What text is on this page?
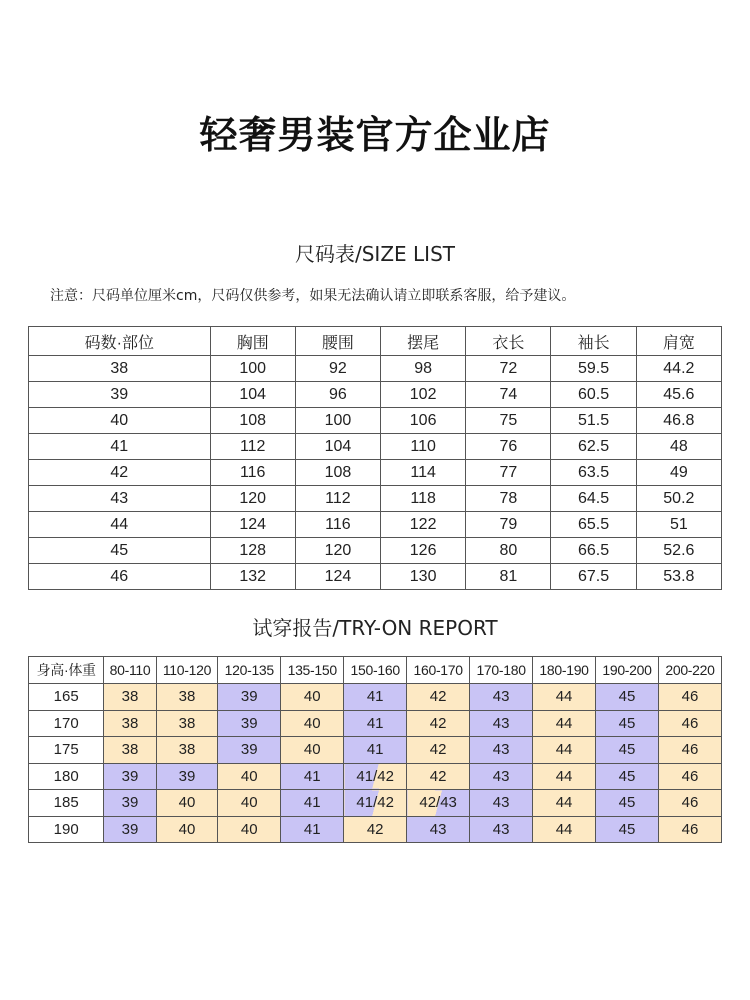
轻奢男装官方企业店
尺码表/SIZE LIST
注意：尺码单位厘米cm，尺码仅供参考，如果无法确认请立即联系客服，给予建议。
码数·部位	胸围	腰围	摆尾	衣长	袖长	肩宽
38	100	92	98	72	59.5	44.2
39	104	96	102	74	60.5	45.6
40	108	100	106	75	51.5	46.8
41	112	104	110	76	62.5	48
42	116	108	114	77	63.5	49
43	120	112	118	78	64.5	50.2
44	124	116	122	79	65.5	51
45	128	120	126	80	66.5	52.6
46	132	124	130	81	67.5	53.8
试穿报告/TRY-ON REPORT
身高·体重	80-110	110-120	120-135	135-150	150-160	160-170	170-180	180-190	190-200	200-220
165	38	38	39	40	41	42	43	44	45	46
170	38	38	39	40	41	42	43	44	45	46
175	38	38	39	40	41	42	43	44	45	46
180	39	39	40	41	41/42	42	43	44	45	46
185	39	40	40	41	41/42	42/43	43	44	45	46
190	39	40	40	41	42	43	43	44	45	46
